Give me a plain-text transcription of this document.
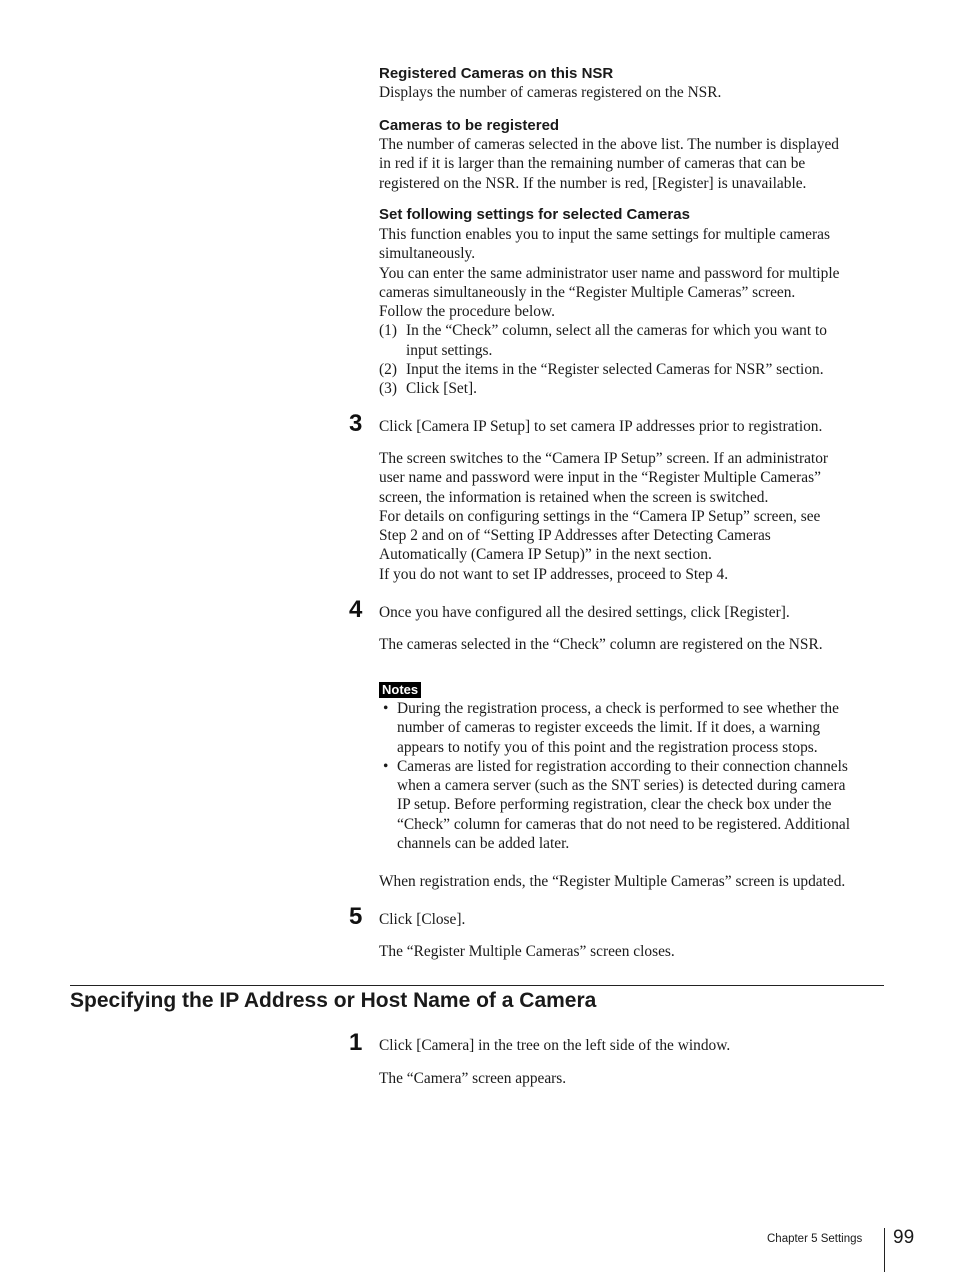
Registered Cameras on this NSR

Displays the number of cameras registered on the NSR.

Cameras to be registered

The number of cameras selected in the above list. The number is displayed

in red if it is larger than the remaining number of cameras that can be

registered on the NSR. If the number is red, [Register] is unavailable.

Set following settings for selected Cameras

This function enables you to input the same settings for multiple cameras

simultaneously.

You can enter the same administrator user name and password for multiple

cameras simultaneously in the “Register Multiple Cameras” screen.

Follow the procedure below.

(1) In the “Check” column, select all the cameras for which you want to
input settings.
(2) Input the items in the “Register selected Cameras for NSR” section.
(3) Click [Set].
3 Click [Camera IP Setup] to set camera IP addresses prior to registration.

The screen switches to the “Camera IP Setup” screen. If an administrator

user name and password were input in the “Register Multiple Cameras”

screen, the information is retained when the screen is switched.

For details on configuring settings in the “Camera IP Setup” screen, see

Step 2 and on of “Setting IP Addresses after Detecting Cameras

Automatically (Camera IP Setup)” in the next section.

If you do not want to set IP addresses, proceed to Step 4.

4 Once you have configured all the desired settings, click [Register].

The cameras selected in the “Check” column are registered on the NSR.

Notes
• During the registration process, a check is performed to see whether the
number of cameras to register exceeds the limit. If it does, a warning
appears to notify you of this point and the registration process stops.
• Cameras are listed for registration according to their connection channels
when a camera server (such as the SNT series) is detected during camera
IP setup. Before performing registration, clear the check box under the
“Check” column for cameras that do not need to be registered. Additional
channels can be added later.

When registration ends, the “Register Multiple Cameras” screen is updated.

5 Click [Close].

The “Register Multiple Cameras” screen closes.

Specifying the IP Address or Host Name of a Camera
1 Click [Camera] in the tree on the left side of the window.

The “Camera” screen appears.

Chapter 5 Settings 99
